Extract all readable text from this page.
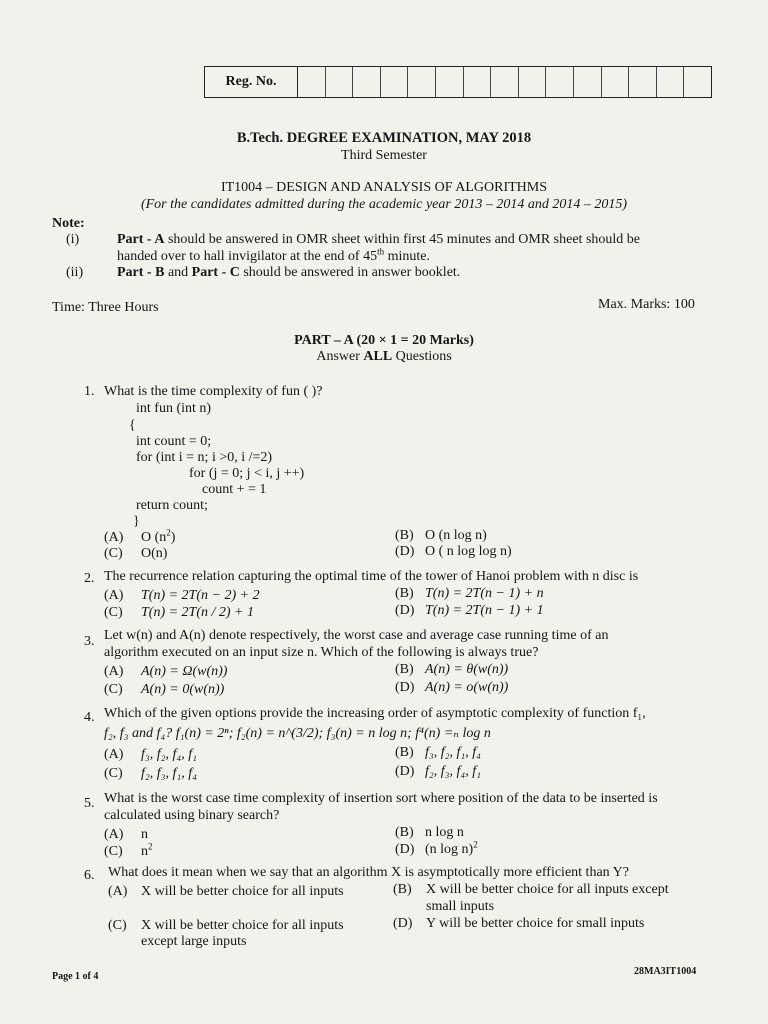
Reg. No.
B.Tech. DEGREE EXAMINATION, MAY 2018
Third Semester
IT1004 – DESIGN AND ANALYSIS OF ALGORITHMS
(For the candidates admitted during the academic year 2013 – 2014 and 2014 – 2015)
Note:
(i)	Part - A should be answered in OMR sheet within first 45 minutes and OMR sheet should be
handed over to hall invigilator at the end of 45th minute.
(ii) Part - B and Part - C should be answered in answer booklet.
Time: Three Hours	Max. Marks: 100
PART – A (20 × 1 = 20 Marks)
Answer ALL Questions
1. What is the time complexity of fun ( )?
int fun (int n)
{
int count = 0;
for (int i = n; i >0, i /=2)
for (j = 0; j < i, j ++)
count + = 1
return count;
}
(A) O $(n^2)$	(B) O (n log n)
(C) O(n)	(D) O ( n log log n)
2. The recurrence relation capturing the optimal time of the tower of Hanoi problem with n disc is
(A) T(n) = 2T(n − 2) + 2	(B) T(n) = 2T(n − 1) + n
(C) T(n) = 2T(n / 2) + 1	(D) T(n) = 2T(n − 1) + 1
3. Let w(n) and A(n) denote respectively, the worst case and average case running time of an
algorithm executed on an input size n. Which of the following is always true?
(A) A(n) = Ω(w(n))	(B) A(n) = θ(w(n))
(C) A(n) = 0(w(n))	(D) A(n) = o(w(n))
4. Which of the given options provide the increasing order of asymptotic complexity of function f₁,
f₂, f₃ and f₄? f₁(n) = 2ⁿ; f₂(n) = n^(3/2); f₃(n) = n log n; f⁴(n) =ₙ log n
(A) f₃, f₂, f₄, f₁	(B) f₃, f₂, f₁, f₄
(C) f₂, f₃, f₁, f₄	(D) f₂, f₃, f₄, f₁
5. What is the worst case time complexity of insertion sort where position of the data to be inserted is
calculated using binary search?
(A) n	(B) n log n
(C) $n^2$	(D) (n log n)$^2$
6. What does it mean when we say that an algorithm X is asymptotically more efficient than Y?
(A) X will be better choice for all inputs	(B) X will be better choice for all inputs except
small inputs
(C) X will be better choice for all inputs
except large inputs
(D) Y will be better choice for small inputs
Page 1 of 4	28MA3IT1004
